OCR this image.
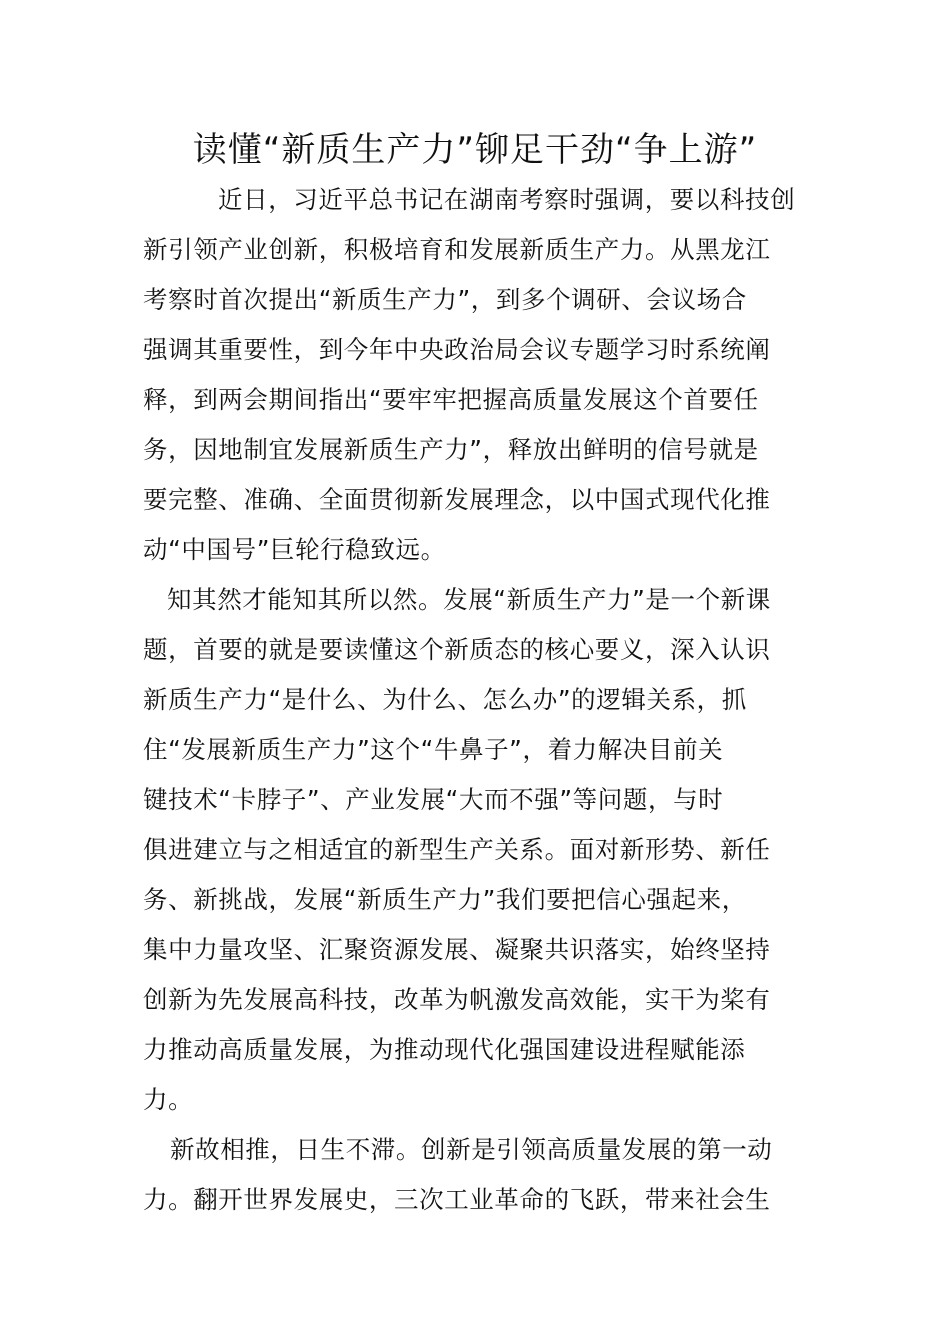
读懂“新质生产力”铆足干劲“争上游”
近日，习近平总书记在湖南考察时强调，要以科技创
新引领产业创新，积极培育和发展新质生产力。从黑龙江
考察时首次提出“新质生产力”，到多个调研、会议场合
强调其重要性，到今年中央政治局会议专题学习时系统阐
释，到两会期间指出“要牢牢把握高质量发展这个首要任
务，因地制宜发展新质生产力”，释放出鲜明的信号就是
要完整、准确、全面贯彻新发展理念，以中国式现代化推
动“中国号”巨轮行稳致远。
知其然才能知其所以然。发展“新质生产力”是一个新课
题，首要的就是要读懂这个新质态的核心要义，深入认识
新质生产力“是什么、为什么、怎么办”的逻辑关系，抓
住“发展新质生产力”这个“牛鼻子”，着力解决目前关
键技术“卡脖子”、产业发展“大而不强”等问题，与时
俱进建立与之相适宜的新型生产关系。面对新形势、新任
务、新挑战，发展“新质生产力”我们要把信心强起来，
集中力量攻坚、汇聚资源发展、凝聚共识落实，始终坚持
创新为先发展高科技，改革为帆激发高效能，实干为桨有
力推动高质量发展，为推动现代化强国建设进程赋能添
力。
新故相推，日生不滞。创新是引领高质量发展的第一动
力。翻开世界发展史，三次工业革命的飞跃，带来社会生
